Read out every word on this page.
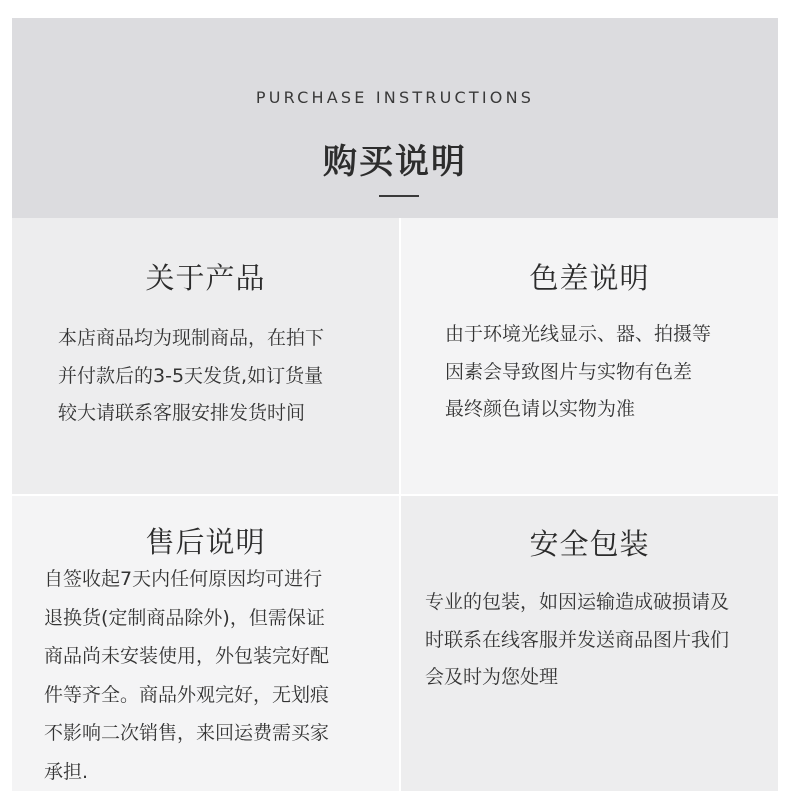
PURCHASE INSTRUCTIONS
购买说明
关于产品
本店商品均为现制商品，在拍下
并付款后的3-5天发货,如订货量
较大请联系客服安排发货时间
色差说明
由于环境光线显示、器、拍摄等
因素会导致图片与实物有色差
最终颜色请以实物为准
售后说明
自签收起7天内任何原因均可进行
退换货(定制商品除外)，但需保证
商品尚未安装使用，外包装完好配
件等齐全。商品外观完好，无划痕
不影响二次销售，来回运费需买家
承担.
安全包装
专业的包装，如因运输造成破损请及
时联系在线客服并发送商品图片我们
会及时为您处理
